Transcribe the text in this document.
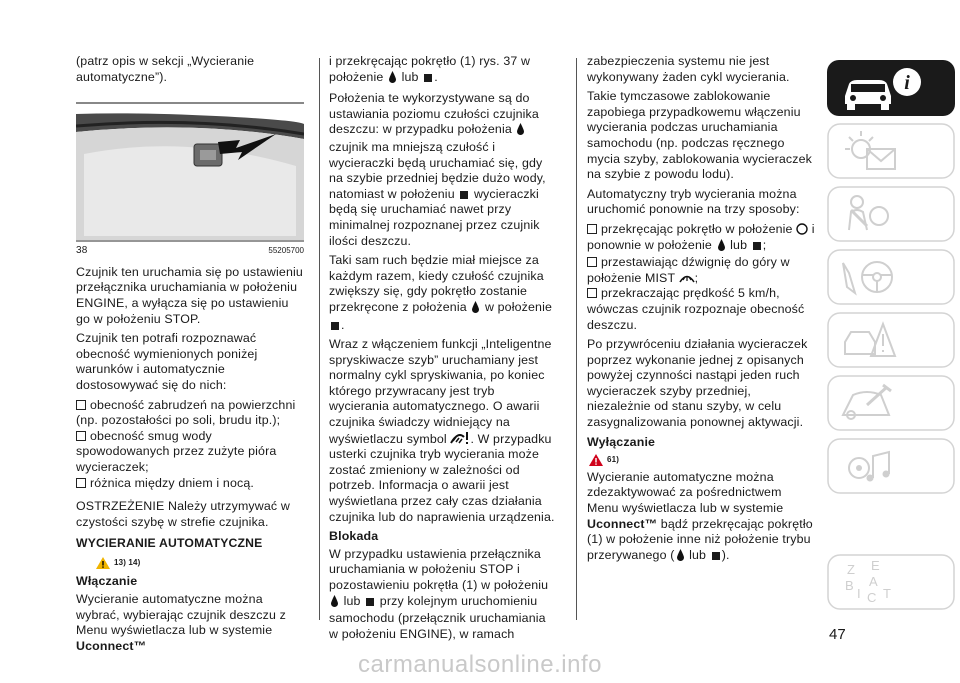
(patrz opis w sekcji „Wycieranie automatyczne”).

38	55205700

Czujnik ten uruchamia się po ustawieniu przełącznika uruchamiania w położeniu ENGINE, a wyłącza się po ustawieniu go w położeniu STOP.

Czujnik ten potrafi rozpoznawać obecność wymienionych poniżej warunków i automatycznie dostosowywać się do nich:

obecność zabrudzeń na powierzchni (np. pozostałości po soli, brudu itp.);
obecność smug wody spowodowanych przez zużyte pióra wycieraczek;
różnica między dniem i nocą.

OSTRZEŻENIE Należy utrzymywać w czystości szybę w strefie czujnika.

WYCIERANIE AUTOMATYCZNE
13) 14)
Włączanie

Wycieranie automatyczne można wybrać, wybierając czujnik deszczu z Menu wyświetlacza lub w systemie Uconnect™

i przekręcając pokrętło (1) rys. 37 w położenie lub .

Położenia te wykorzystywane są do ustawiania poziomu czułości czujnika deszczu: w przypadku położenia  czujnik ma mniejszą czułość i wycieraczki będą uruchamiać się, gdy na szybie przedniej będzie dużo wody, natomiast w położeniu wycieraczki będą się uruchamiać nawet przy minimalnej rozpoznanej przez czujnik ilości deszczu.

Taki sam ruch będzie miał miejsce za każdym razem, kiedy czułość czujnika zwiększy się, gdy pokrętło zostanie przekręcone z położenia w położenie .

Wraz z włączeniem funkcji „Inteligentne spryskiwacze szyb” uruchamiany jest normalny cykl spryskiwania, po koniec którego przywracany jest tryb wycierania automatycznego. O awarii czujnika świadczy widniejący na wyświetlaczu symbol . W przypadku usterki czujnika tryb wycierania może zostać zmieniony w zależności od potrzeb. Informacja o awarii jest wyświetlana przez cały czas działania czujnika lub do naprawienia urządzenia.

Blokada

W przypadku ustawienia przełącznika uruchamiania w położeniu STOP i pozostawieniu pokrętła (1) w położeniu  lub przy kolejnym uruchomieniu samochodu (przełącznik uruchamiania w położeniu ENGINE), w ramach

zabezpieczenia systemu nie jest wykonywany żaden cykl wycierania.

Takie tymczasowe zablokowanie zapobiega przypadkowemu włączeniu wycierania podczas uruchamiania samochodu (np. podczas ręcznego mycia szyby, zablokowania wycieraczek na szybie z powodu lodu).

Automatyczny tryb wycierania można uruchomić ponownie na trzy sposoby:

przekręcając pokrętło w położenie i ponownie w położenie lub ;
przestawiając dźwignię do góry w położenie MIST ;
przekraczając prędkość 5 km/h, wówczas czujnik rozpoznaje obecność deszczu.

Po przywróceniu działania wycieraczek poprzez wykonanie jednej z opisanych powyżej czynności nastąpi jeden ruch wycieraczek szyby przedniej, niezależnie od stanu szyby, w celu zasygnalizowania ponownej aktywacji.

Wyłączanie
61)

Wycieranie automatyczne można zdezaktywować za pośrednictwem Menu wyświetlacza lub w systemie Uconnect™ bądź przekręcając pokrętło (1) w położenie inne niż położenie trybu przerywanego ( lub ).

i
Z E
B A
I C T
47
carmanualsonline.info
